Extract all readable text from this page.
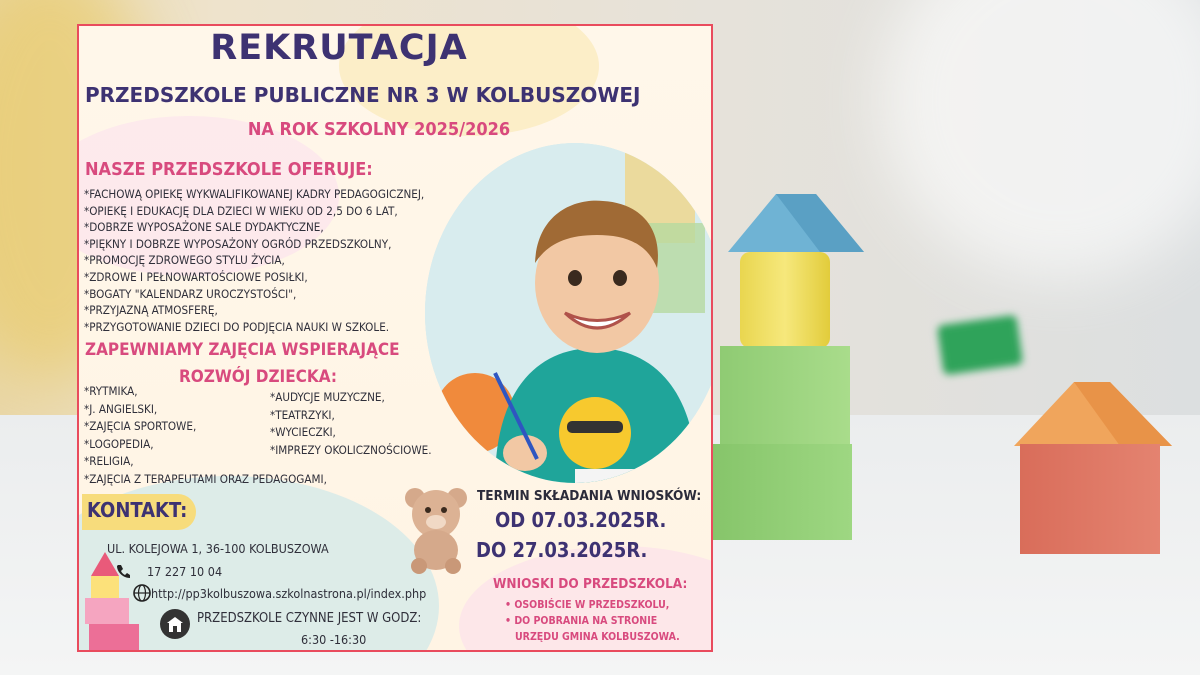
REKRUTACJA
PRZEDSZKOLE PUBLICZNE NR 3 W KOLBUSZOWEJ
NA ROK SZKOLNY 2025/2026
NASZE PRZEDSZKOLE OFERUJE:
*FACHOWĄ OPIEKĘ WYKWALIFIKOWANEJ KADRY PEDAGOGICZNEJ,
*OPIEKĘ I EDUKACJĘ DLA DZIECI W WIEKU OD 2,5 DO 6 LAT,
*DOBRZE WYPOSAŻONE SALE DYDAKTYCZNE,
*PIĘKNY I DOBRZE WYPOSAŻONY OGRÓD PRZEDSZKOLNY,
*PROMOCJĘ ZDROWEGO STYLU ŻYCIA,
*ZDROWE I PEŁNOWARTOŚCIOWE POSIŁKI,
*BOGATY "KALENDARZ UROCZYSTOŚCI",
*PRZYJAZNĄ ATMOSFERĘ,
*PRZYGOTOWANIE DZIECI DO PODJĘCIA NAUKI W SZKOLE.
ZAPEWNIAMY ZAJĘCIA WSPIERAJĄCE
ROZWÓJ DZIECKA:
*RYTMIKA,
*J. ANGIELSKI,
*ZAJĘCIA SPORTOWE,
*LOGOPEDIA,
*RELIGIA,
*ZAJĘCIA Z TERAPEUTAMI ORAZ PEDAGOGAMI,
*AUDYCJE MUZYCZNE,
*TEATRZYKI,
*WYCIECZKI,
*IMPREZY OKOLICZNOŚCIOWE.
KONTAKT:
UL. KOLEJOWA 1, 36-100 KOLBUSZOWA
17 227 10 04
http://pp3kolbuszowa.szkolnastrona.pl/index.php
PRZEDSZKOLE CZYNNE JEST W GODZ:
6:30 -16:30
TERMIN SKŁADANIA WNIOSKÓW:
OD 07.03.2025R.
DO 27.03.2025R.
WNIOSKI DO PRZEDSZKOLA:
• OSOBIŚCIE W PRZEDSZKOLU,
• DO POBRANIA NA STRONIE
URZĘDU GMINA KOLBUSZOWA.
